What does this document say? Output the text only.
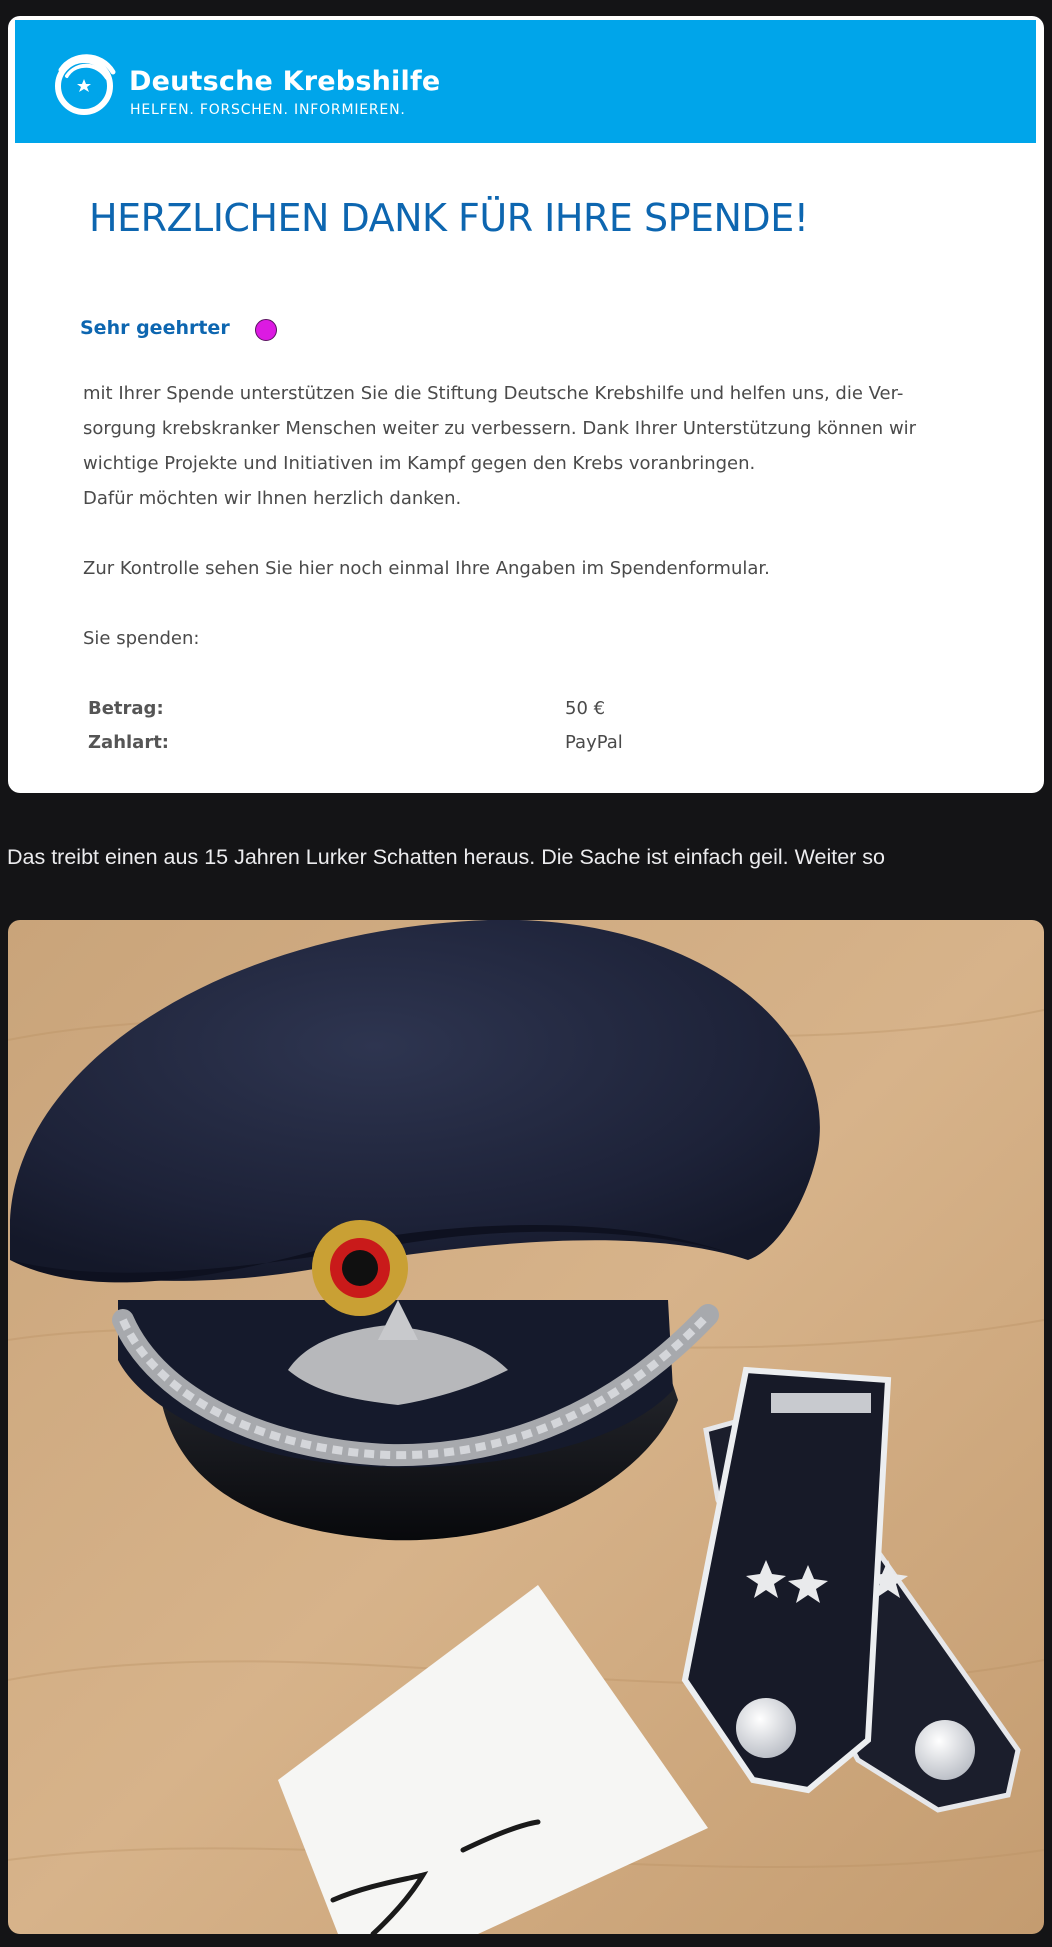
Deutsche Krebshilfe
HELFEN. FORSCHEN. INFORMIEREN.
HERZLICHEN DANK FÜR IHRE SPENDE!
Sehr geehrter
mit Ihrer Spende unterstützen Sie die Stiftung Deutsche Krebshilfe und helfen uns, die Ver-
sorgung krebskranker Menschen weiter zu verbessern. Dank Ihrer Unterstützung können wir
wichtige Projekte und Initiativen im Kampf gegen den Krebs voranbringen.
Dafür möchten wir Ihnen herzlich danken.
Zur Kontrolle sehen Sie hier noch einmal Ihre Angaben im Spendenformular.
Sie spenden:
Betrag:	50 €
Zahlart:	PayPal
Das treibt einen aus 15 Jahren Lurker Schatten heraus. Die Sache ist einfach geil. Weiter so
